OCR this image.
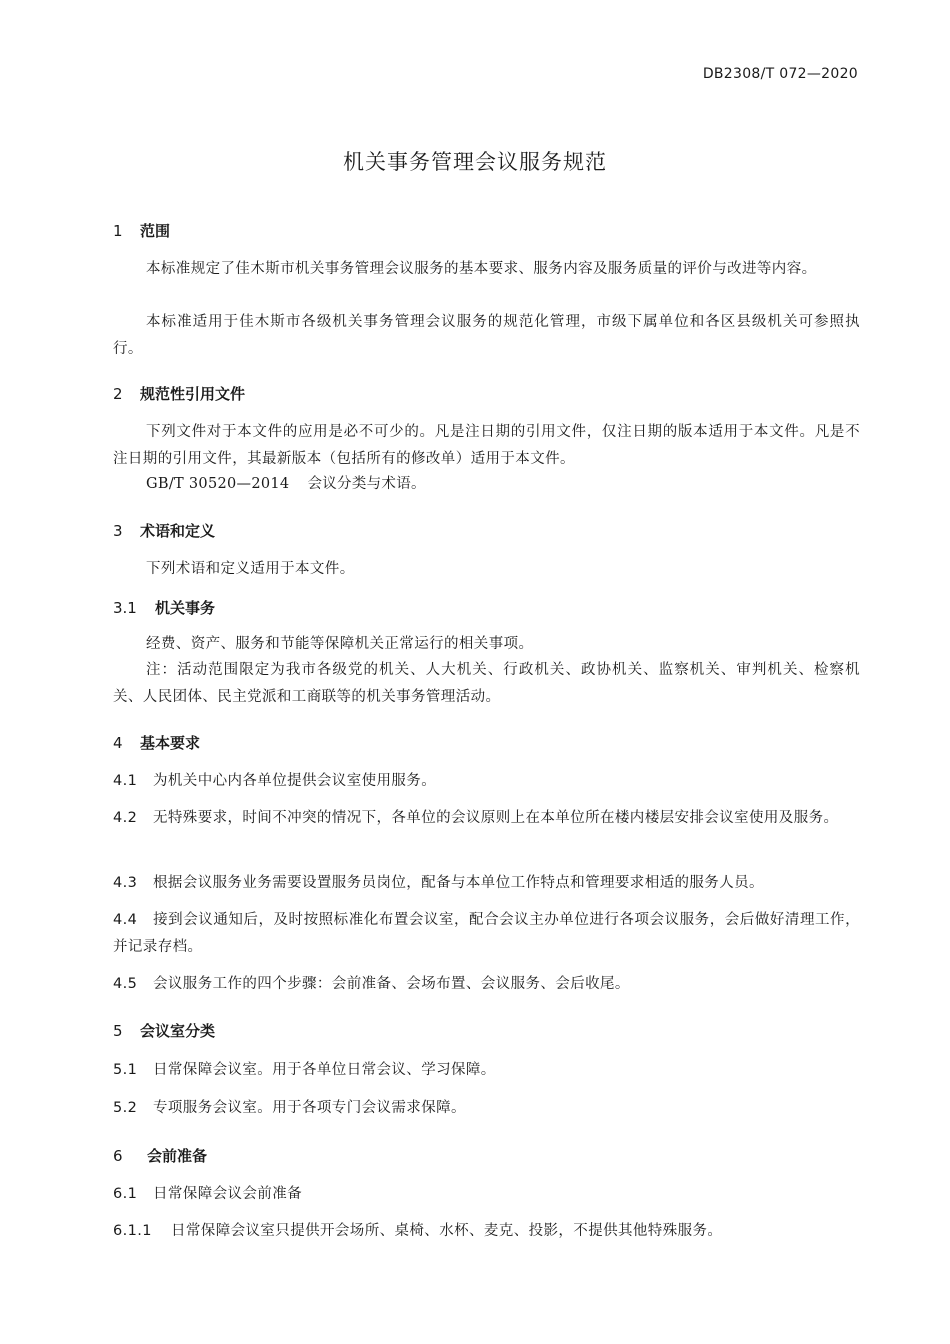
DB2308/T 072—2020
机关事务管理会议服务规范
1 范围
本标准规定了佳木斯市机关事务管理会议服务的基本要求、服务内容及服务质量的评价与改进等内容。
本标准适用于佳木斯市各级机关事务管理会议服务的规范化管理，市级下属单位和各区县级机关可参照执行。
2 规范性引用文件
下列文件对于本文件的应用是必不可少的。凡是注日期的引用文件，仅注日期的版本适用于本文件。凡是不注日期的引用文件，其最新版本（包括所有的修改单）适用于本文件。
GB/T 30520—2014 会议分类与术语。
3 术语和定义
下列术语和定义适用于本文件。
3.1 机关事务
经费、资产、服务和节能等保障机关正常运行的相关事项。
注：活动范围限定为我市各级党的机关、人大机关、行政机关、政协机关、监察机关、审判机关、检察机关、人民团体、民主党派和工商联等的机关事务管理活动。
4 基本要求
4.1 为机关中心内各单位提供会议室使用服务。
4.2 无特殊要求，时间不冲突的情况下，各单位的会议原则上在本单位所在楼内楼层安排会议室使用及服务。
4.3 根据会议服务业务需要设置服务员岗位，配备与本单位工作特点和管理要求相适的服务人员。
4.4 接到会议通知后，及时按照标准化布置会议室，配合会议主办单位进行各项会议服务，会后做好清理工作，并记录存档。
4.5 会议服务工作的四个步骤：会前准备、会场布置、会议服务、会后收尾。
5 会议室分类
5.1 日常保障会议室。用于各单位日常会议、学习保障。
5.2 专项服务会议室。用于各项专门会议需求保障。
6 会前准备
6.1 日常保障会议会前准备
6.1.1 日常保障会议室只提供开会场所、桌椅、水杯、麦克、投影，不提供其他特殊服务。
